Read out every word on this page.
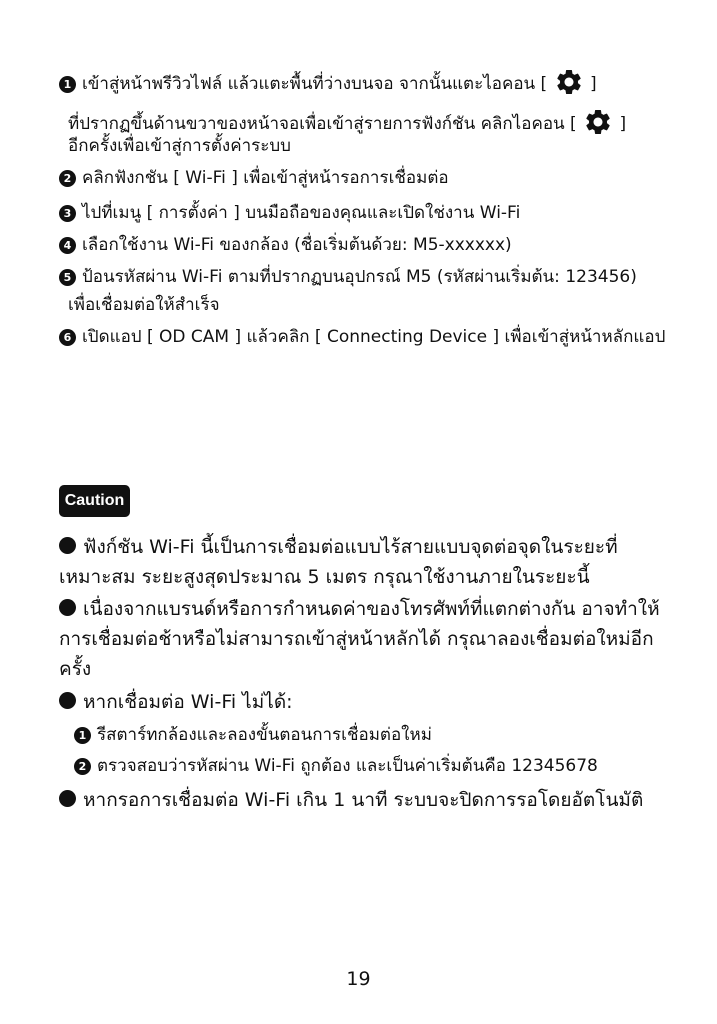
1 เข้าสู่หน้าพรีวิวไฟล์ แล้วแตะพื้นที่ว่างบนจอ จากนั้นแตะไอคอน [	]
ที่ปรากฏขึ้นด้านขวาของหน้าจอเพื่อเข้าสู่รายการฟังก์ชัน คลิกไอคอน [	]
อีกครั้งเพื่อเข้าสู่การตั้งค่าระบบ
2 คลิกฟังกชัน [ Wi-Fi ] เพื่อเข้าสู่หน้ารอการเชื่อมต่อ
3 ไปที่เมนู [ การตั้งค่า ] บนมือถือของคุณและเปิดใช่งาน Wi-Fi
4 เลือกใช้งาน Wi-Fi ของกล้อง (ชื่อเริ่มต้นด้วย: M5-xxxxxx)
5 ป้อนรหัสผ่าน Wi-Fi ตามที่ปรากฏบนอุปกรณ์ M5 (รหัสผ่านเริ่มต้น: 123456)
เพื่อเชื่อมต่อให้สำเร็จ
6 เปิดแอป [ OD CAM ] แล้วคลิก [ Connecting Device ] เพื่อเข้าสู่หน้าหลักแอป
Caution
ฟังก์ชัน Wi-Fi นี้เป็นการเชื่อมต่อแบบไร้สายแบบจุดต่อจุดในระยะที่
เหมาะสม ระยะสูงสุดประมาณ 5 เมตร กรุณาใช้งานภายในระยะนี้
เนื่องจากแบรนด์หรือการกำหนดค่าของโทรศัพท์ที่แตกต่างกัน อาจทำให้
การเชื่อมต่อช้าหรือไม่สามารถเข้าสู่หน้าหลักได้ กรุณาลองเชื่อมต่อใหม่อีก
ครั้ง
หากเชื่อมต่อ Wi-Fi ไม่ได้:
1 รีสตาร์ทกล้องและลองขั้นตอนการเชื่อมต่อใหม่
2 ตรวจสอบว่ารหัสผ่าน Wi-Fi ถูกต้อง และเป็นค่าเริ่มต้นคือ 12345678
หากรอการเชื่อมต่อ Wi-Fi เกิน 1 นาที ระบบจะปิดการรอโดยอัตโนมัติ
19
